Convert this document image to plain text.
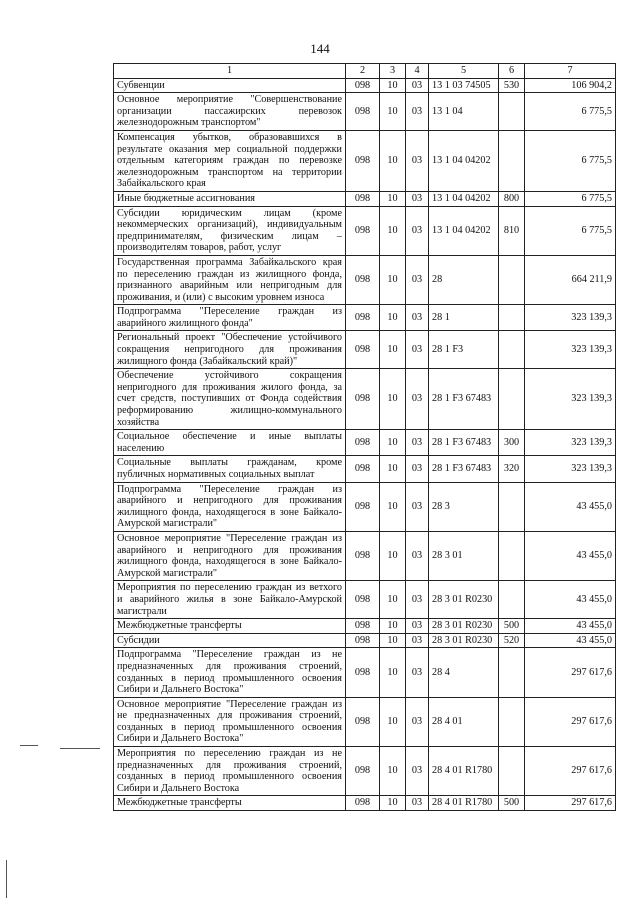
144
1	2	3	4	5	6	7
Субвенции	098	10	03	13 1 03 74505	530	106 904,2
Основное мероприятие "Совершенствование организации пассажирских перевозок железнодорожным транспортом"	098	10	03	13 1 04		6 775,5
Компенсация убытков, образовавшихся в результате оказания мер социальной поддержки отдельным категориям граждан по перевозке железнодорожным транспортом на территории Забайкальского края	098	10	03	13 1 04 04202		6 775,5
Иные бюджетные ассигнования	098	10	03	13 1 04 04202	800	6 775,5
Субсидии юридическим лицам (кроме некоммерческих организаций), индивидуальным предпринимателям, физическим лицам – производителям товаров, работ, услуг	098	10	03	13 1 04 04202	810	6 775,5
Государственная программа Забайкальского края по переселению граждан из жилищного фонда, признанного аварийным или непригодным для проживания, и (или) с высоким уровнем износа	098	10	03	28		664 211,9
Подпрограмма "Переселение граждан из аварийного жилищного фонда"	098	10	03	28 1		323 139,3
Региональный проект "Обеспечение устойчивого сокращения непригодного для проживания жилищного фонда (Забайкальский край)"	098	10	03	28 1 F3		323 139,3
Обеспечение устойчивого сокращения непригодного для проживания жилого фонда, за счет средств, поступивших от Фонда содействия реформированию жилищно-коммунального хозяйства	098	10	03	28 1 F3 67483		323 139,3
Социальное обеспечение и иные выплаты населению	098	10	03	28 1 F3 67483	300	323 139,3
Социальные выплаты гражданам, кроме публичных нормативных социальных выплат	098	10	03	28 1 F3 67483	320	323 139,3
Подпрограмма "Переселение граждан из аварийного и непригодного для проживания жилищного фонда, находящегося в зоне Байкало-Амурской магистрали"	098	10	03	28 3		43 455,0
Основное мероприятие "Переселение граждан из аварийного и непригодного для проживания жилищного фонда, находящегося в зоне Байкало-Амурской магистрали"	098	10	03	28 3 01		43 455,0
Мероприятия по переселению граждан из ветхого и аварийного жилья в зоне Байкало-Амурской магистрали	098	10	03	28 3 01 R0230		43 455,0
Межбюджетные трансферты	098	10	03	28 3 01 R0230	500	43 455,0
Субсидии	098	10	03	28 3 01 R0230	520	43 455,0
Подпрограмма "Переселение граждан из не предназначенных для проживания строений, созданных в период промышленного освоения Сибири и Дальнего Востока"	098	10	03	28 4		297 617,6
Основное мероприятие "Переселение граждан из не предназначенных для проживания строений, созданных в период промышленного освоения Сибири и Дальнего Востока"	098	10	03	28 4 01		297 617,6
Мероприятия по переселению граждан из не предназначенных для проживания строений, созданных в период промышленного освоения Сибири и Дальнего Востока	098	10	03	28 4 01 R1780		297 617,6
Межбюджетные трансферты	098	10	03	28 4 01 R1780	500	297 617,6
